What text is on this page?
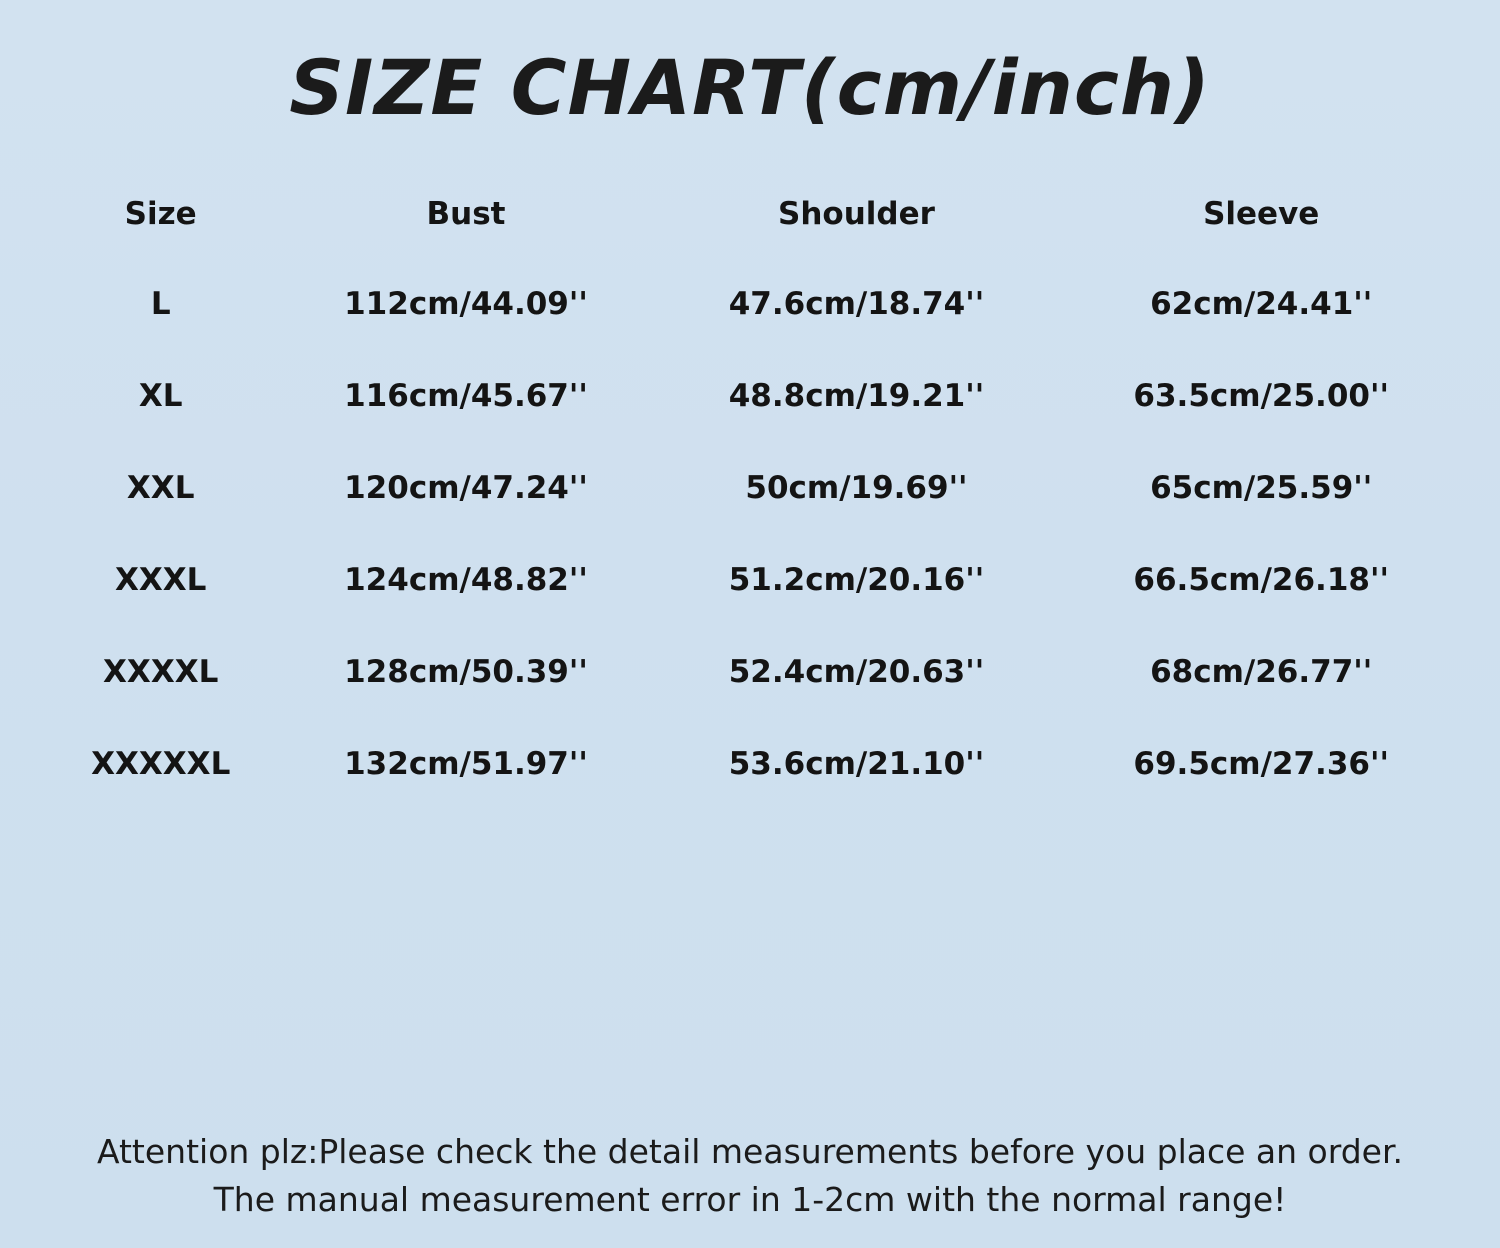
SIZE CHART(cm/inch)
Size	Bust	Shoulder	Sleeve
L	112cm/44.09''	47.6cm/18.74''	62cm/24.41''
XL	116cm/45.67''	48.8cm/19.21''	63.5cm/25.00''
XXL	120cm/47.24''	50cm/19.69''	65cm/25.59''
XXXL	124cm/48.82''	51.2cm/20.16''	66.5cm/26.18''
XXXXL	128cm/50.39''	52.4cm/20.63''	68cm/26.77''
XXXXXL	132cm/51.97''	53.6cm/21.10''	69.5cm/27.36''
Attention plz:Please check the detail measurements before you place an order.
The manual measurement error in 1-2cm with the normal range!
